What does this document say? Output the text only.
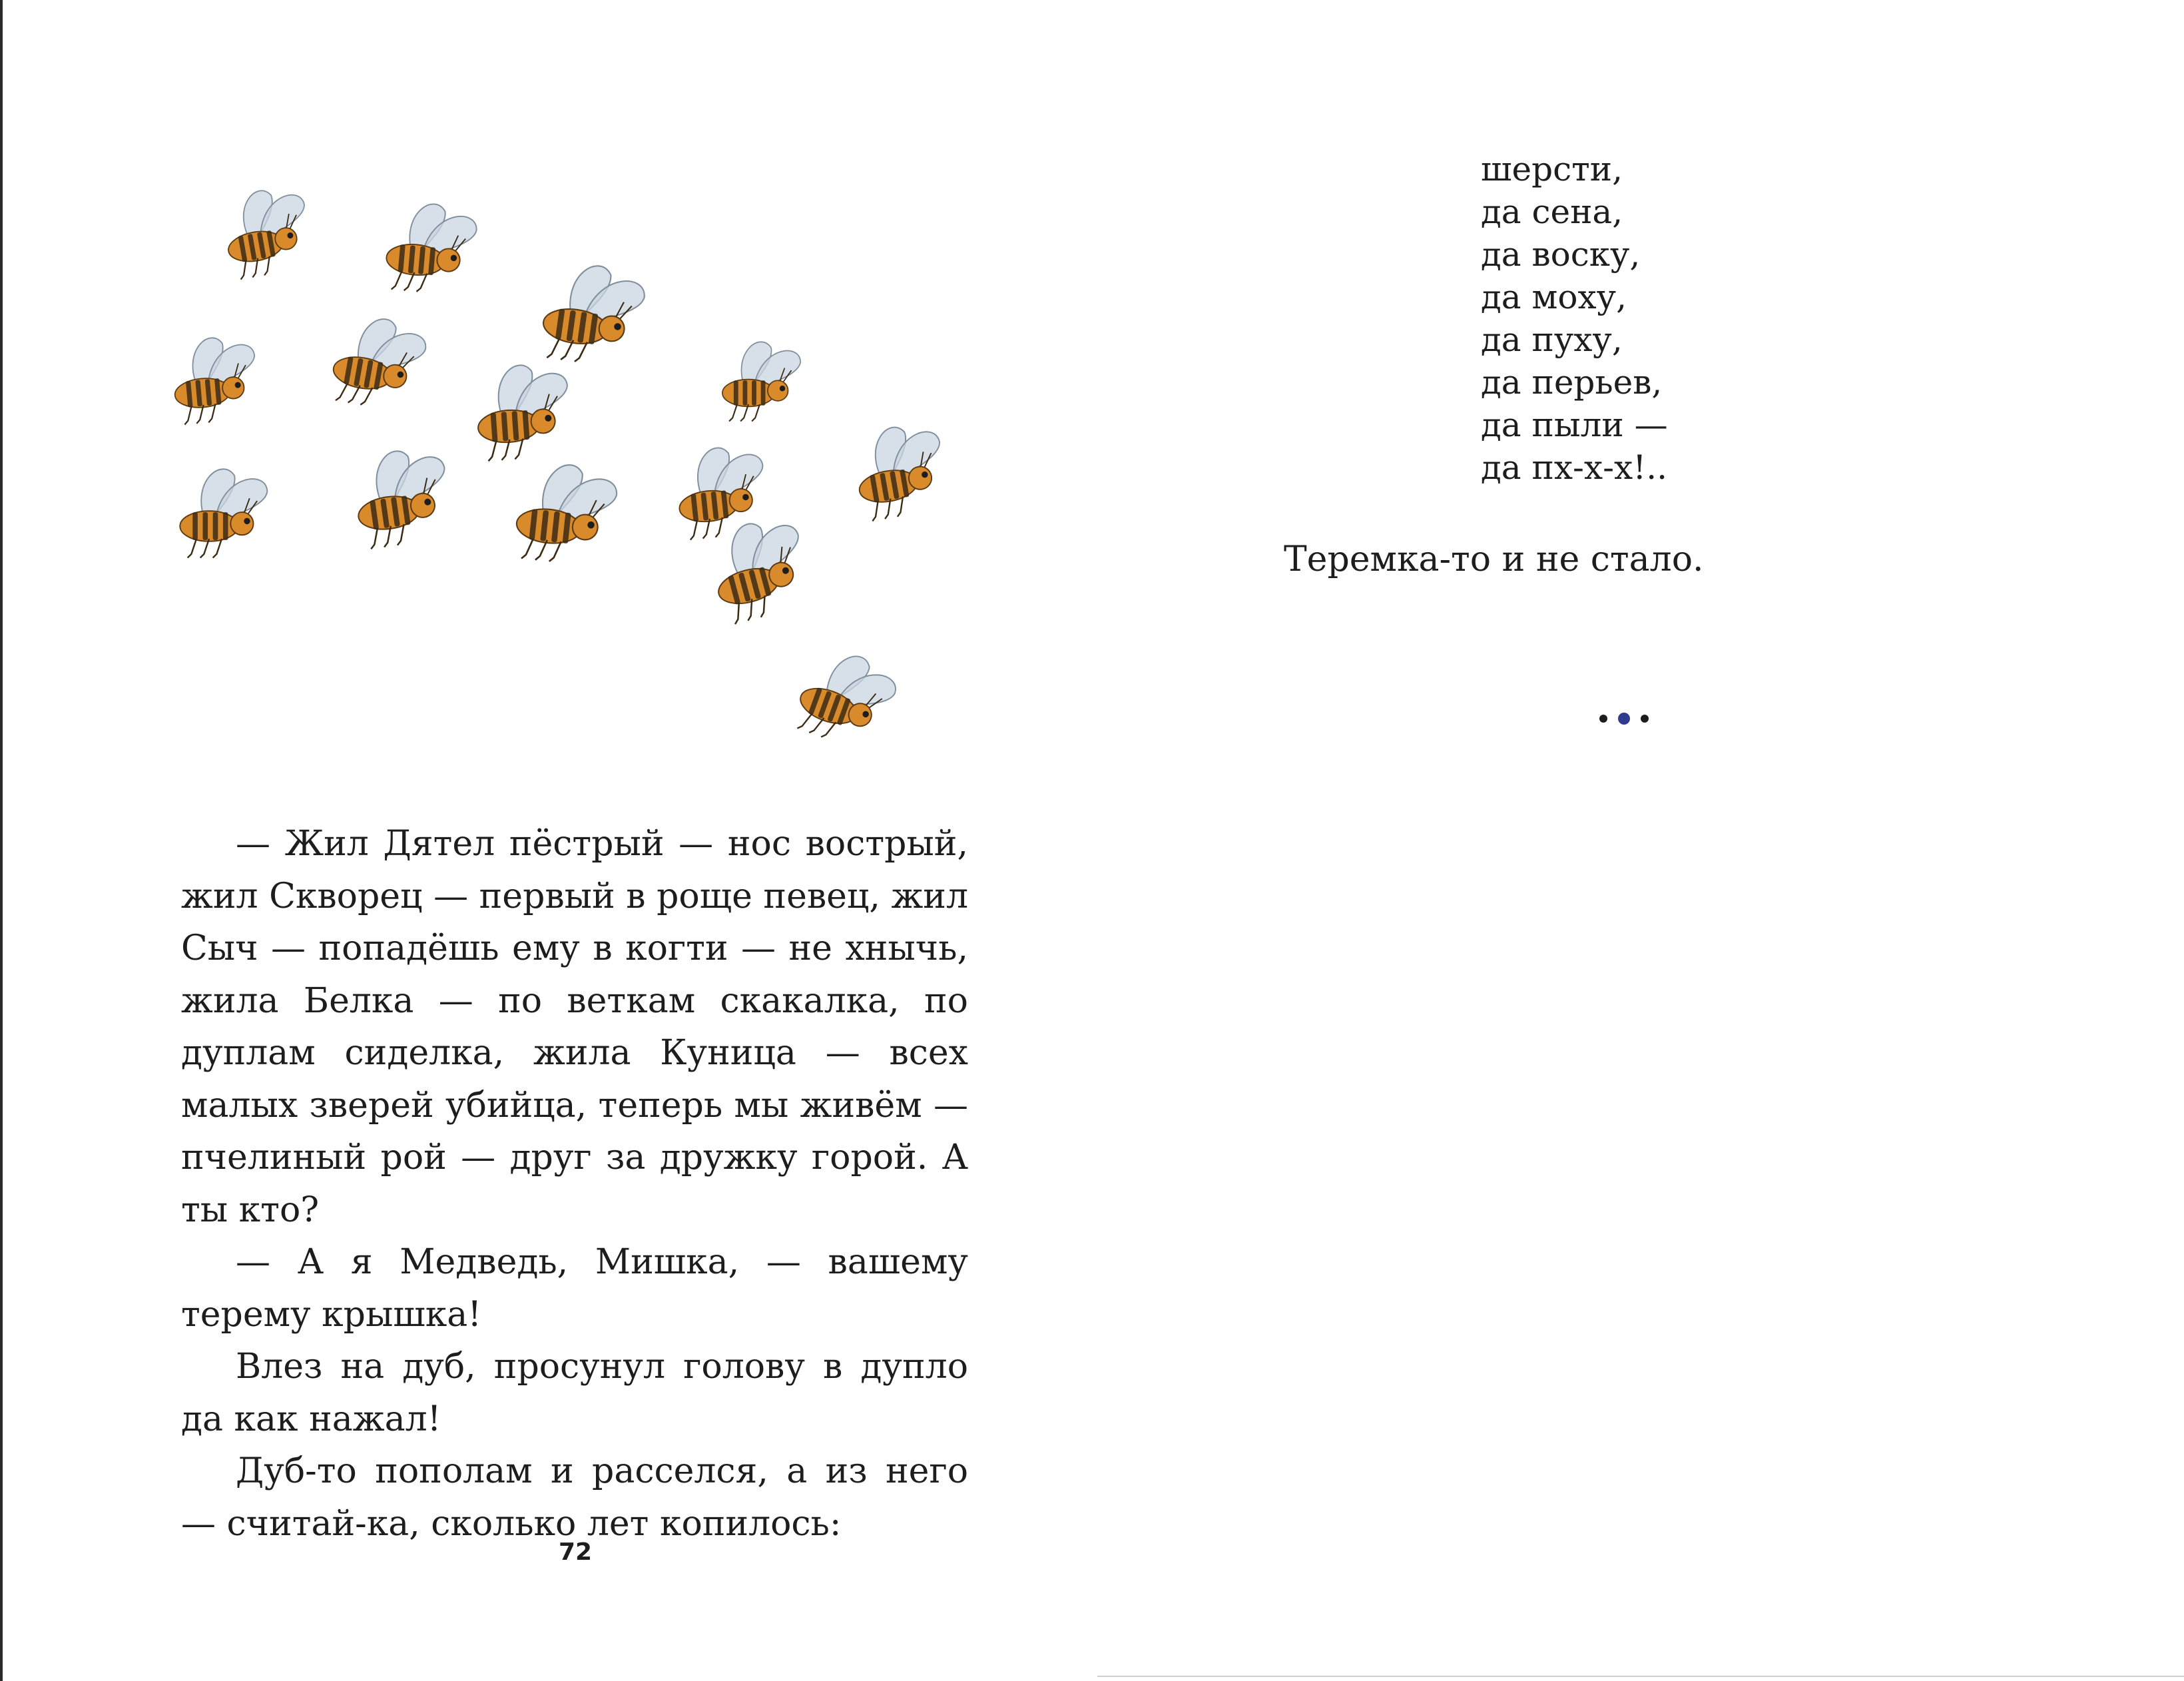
— Жил Дятел пёстрый — нос вострый, жил Скворец — первый в роще певец, жил Сыч — попадёшь ему в когти — не хнычь, жила Белка — по веткам скакалка, по дуплам сиделка, жила Куница — всех малых зверей убийца, теперь мы живём — пчелиный рой — друг за дружку горой. А ты кто?

— А я Медведь, Мишка, — вашему терему крышка!

Влез на дуб, просунул голову в дупло да как нажал!

Дуб-то пополам и расселся, а из него — считай-ка, сколько лет копилось:

72
шерсти,
да сена,
да воску,
да моху,
да пуху,
да перьев,
да пыли —
да пх-х-х!..
Теремка-то и не стало.
